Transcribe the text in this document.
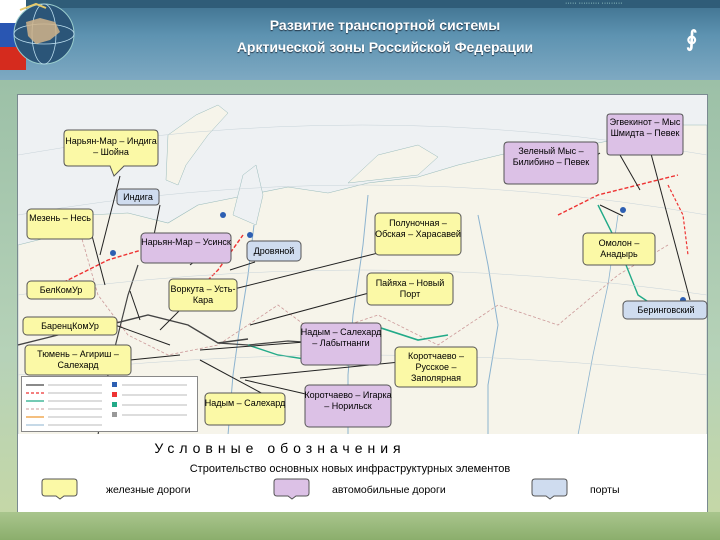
····· ········· ·········
Развитие транспортной системы
Арктической зоны Российской Федерации	∮
Нарьян-Мар – Индига – Шойна	Зеленый Мыс – Билибино – Певек
Эгвекинот – Мыс Шмидта – Певек
Индига
Мезень – Несь
Нарьян-Мар – Усинск
Дровяной
Полуночная – Обская – Харасавей
Омолон – Анадырь
БелКомУр	Воркута – Усть-Кара
Пайяха – Новый Порт
Беринговский
БаренцКомУр
Надым – Салехард – Лабытнанги
Тюмень – Агириш – Салехард
Коротчаево – Русское – Заполярная
Надым – Салехард
Коротчаево – Игарка – Норильск
Условные обозначения
Строительство основных новых инфраструктурных элементов
железные дороги	автомобильные дороги	порты
